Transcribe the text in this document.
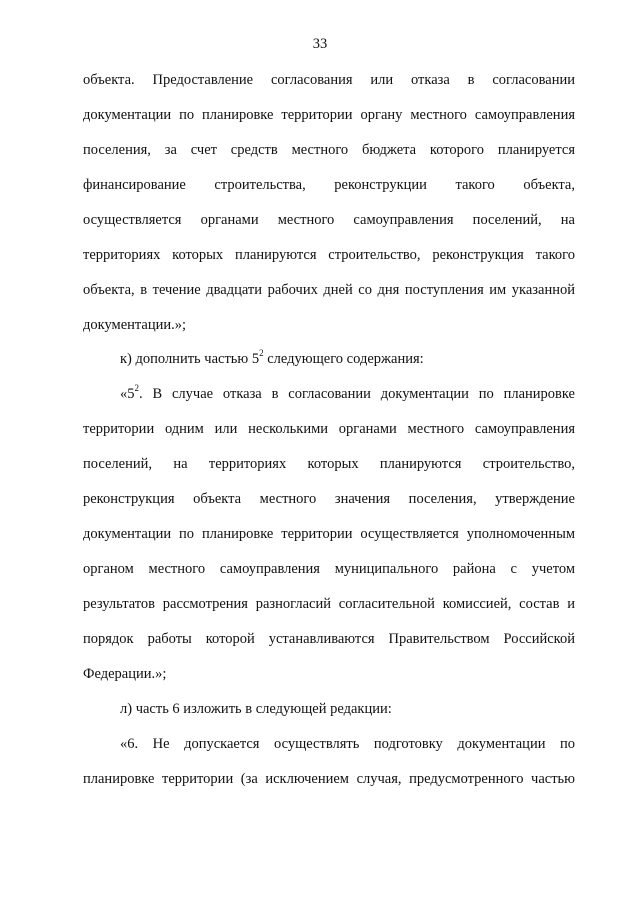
33
объекта. Предоставление согласования или отказа в согласовании
документации по планировке территории органу местного самоуправления
поселения, за счет средств местного бюджета которого планируется
финансирование строительства, реконструкции такого объекта,
осуществляется органами местного самоуправления поселений, на
территориях которых планируются строительство, реконструкция такого
объекта, в течение двадцати рабочих дней со дня поступления им указанной
документации.»;
к) дополнить частью $5^2$ следующего содержания:
«$5^2$. В случае отказа в согласовании документации по планировке
территории одним или несколькими органами местного самоуправления
поселений, на территориях которых планируются строительство,
реконструкция объекта местного значения поселения, утверждение
документации по планировке территории осуществляется уполномоченным
органом местного самоуправления муниципального района с учетом
результатов рассмотрения разногласий согласительной комиссией, состав и
порядок работы которой устанавливаются Правительством Российской
Федерации.»;
л) часть 6 изложить в следующей редакции:
«6. Не допускается осуществлять подготовку документации по
планировке территории (за исключением случая, предусмотренного частью
